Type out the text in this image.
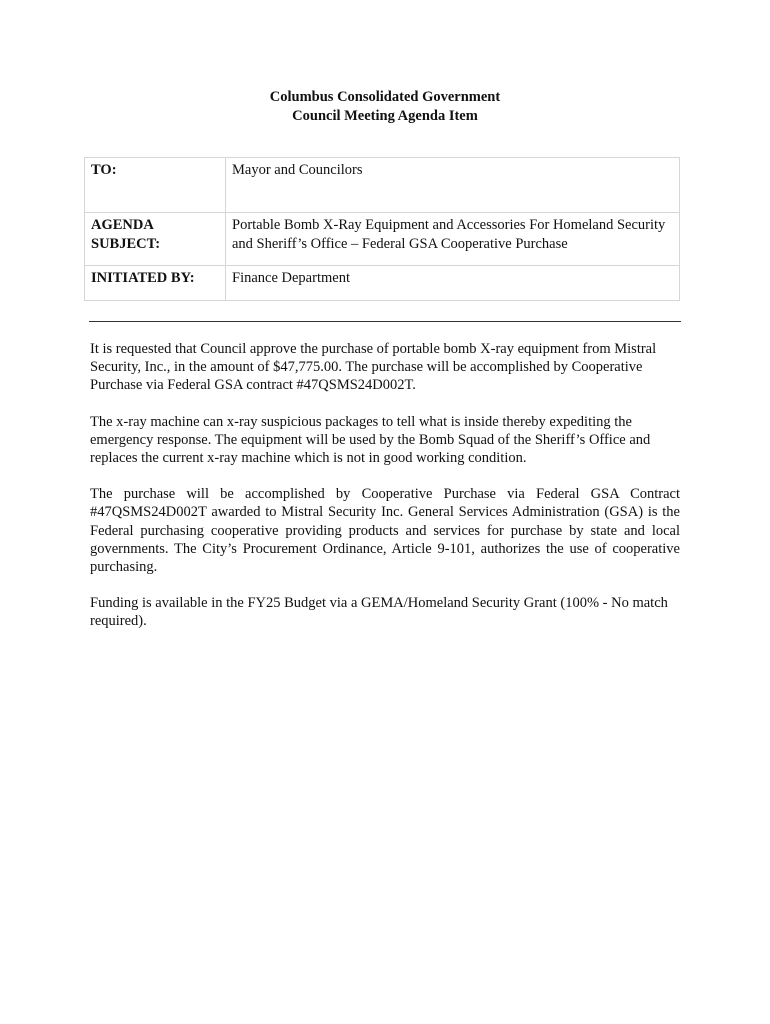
Columbus Consolidated Government
Council Meeting Agenda Item
TO:	Mayor and Councilors
AGENDA SUBJECT:	Portable Bomb X-Ray Equipment and Accessories For Homeland Security and Sheriff’s Office – Federal GSA Cooperative Purchase
INITIATED BY:	Finance Department

It is requested that Council approve the purchase of portable bomb X-ray equipment from Mistral Security, Inc., in the amount of $47,775.00. The purchase will be accomplished by Cooperative Purchase via Federal GSA contract #47QSMS24D002T.

The x-ray machine can x-ray suspicious packages to tell what is inside thereby expediting the emergency response. The equipment will be used by the Bomb Squad of the Sheriff’s Office and replaces the current x-ray machine which is not in good working condition.

The purchase will be accomplished by Cooperative Purchase via Federal GSA Contract #47QSMS24D002T awarded to Mistral Security Inc. General Services Administration (GSA) is the Federal purchasing cooperative providing products and services for purchase by state and local governments. The City’s Procurement Ordinance, Article 9-101, authorizes the use of cooperative purchasing.

Funding is available in the FY25 Budget via a GEMA/Homeland Security Grant (100% - No match required).
